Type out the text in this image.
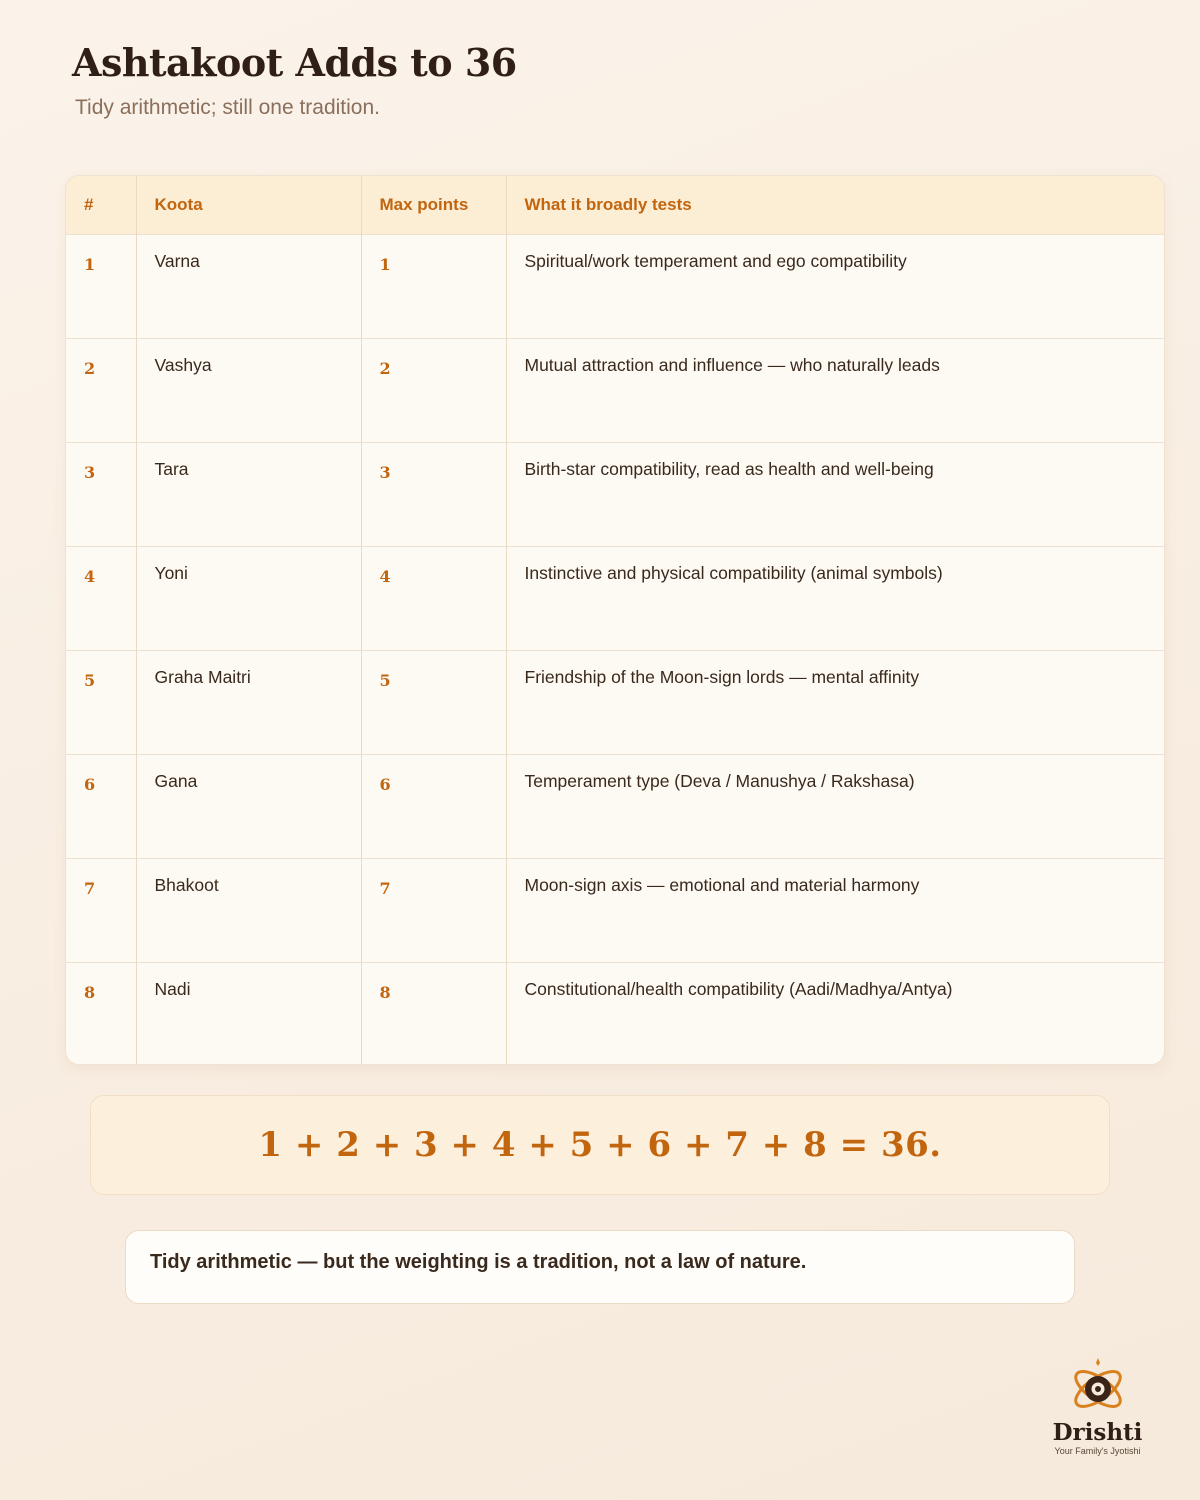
Ashtakoot Adds to 36
Tidy arithmetic; still one tradition.
#	Koota	Max points	What it broadly tests
1	Varna	1	Spiritual/work temperament and ego compatibility
2	Vashya	2	Mutual attraction and influence — who naturally leads
3	Tara	3	Birth-star compatibility, read as health and well-being
4	Yoni	4	Instinctive and physical compatibility (animal symbols)
5	Graha Maitri	5	Friendship of the Moon-sign lords — mental affinity
6	Gana	6	Temperament type (Deva / Manushya / Rakshasa)
7	Bhakoot	7	Moon-sign axis — emotional and material harmony
8	Nadi	8	Constitutional/health compatibility (Aadi/Madhya/Antya)
1 + 2 + 3 + 4 + 5 + 6 + 7 + 8 = 36.
Tidy arithmetic — but the weighting is a tradition, not a law of nature.
Drishti
Your Family's Jyotishi
